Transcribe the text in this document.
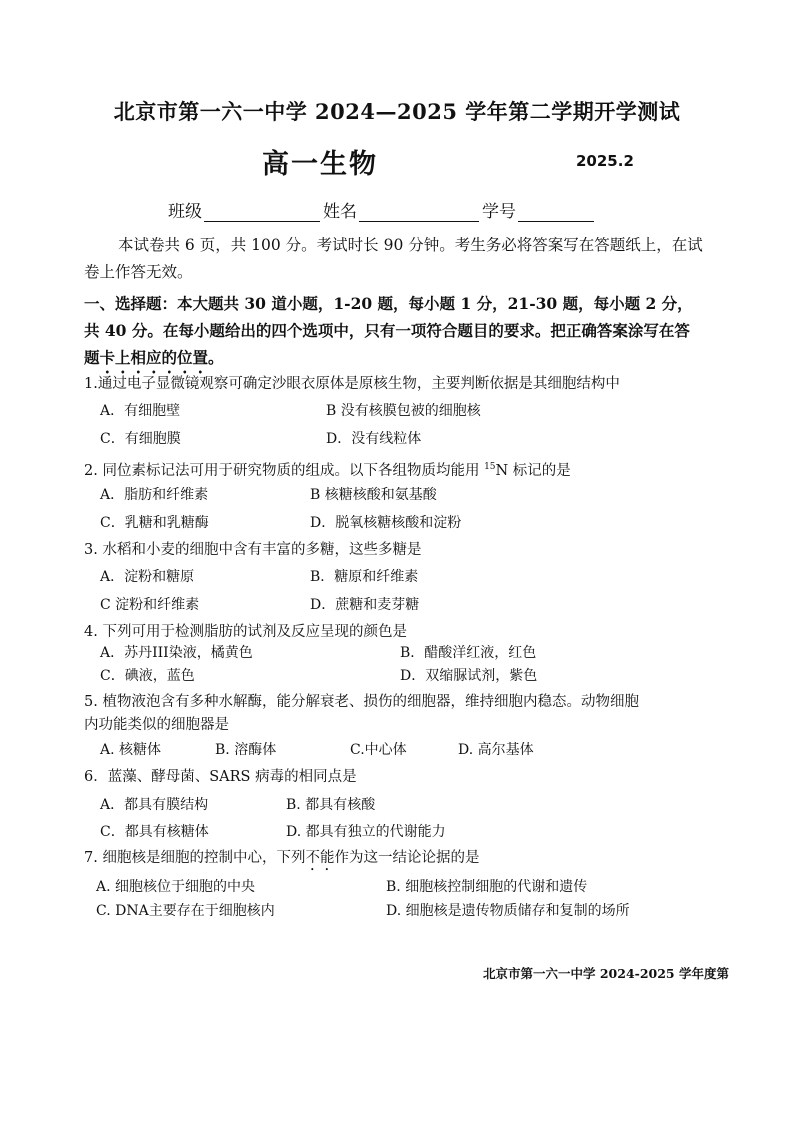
北京市第一六一中学 2024—2025 学年第二学期开学测试
高一生物	2025.2
班级	姓名	学号
本试卷共 6 页，共 100 分。考试时长 90 分钟。考生务必将答案写在答题纸上，在试卷上作答无效。
一、选择题：本大题共 30 道小题，1-20 题，每小题 1 分，21-30 题，每小题 2 分，共 40 分。在每小题给出的四个选项中，只有一项符合题目的要求。把正确答案涂写在答题卡上相应的位置。
1.通过电子显微镜观察可确定沙眼衣原体是原核生物，主要判断依据是其细胞结构中
A．有细胞壁	B 没有核膜包被的细胞核
C．有细胞膜	D．没有线粒体
2. 同位素标记法可用于研究物质的组成。以下各组物质均能用 $^{15}$N 标记的是
A．脂肪和纤维素	B 核糖核酸和氨基酸
C．乳糖和乳糖酶	D．脱氧核糖核酸和淀粉
3. 水稻和小麦的细胞中含有丰富的多糖，这些多糖是
A．淀粉和糖原	B．糖原和纤维素
C 淀粉和纤维素	D．蔗糖和麦芽糖
4. 下列可用于检测脂肪的试剂及反应呈现的颜色是
A．苏丹III染液，橘黄色	B．醋酸洋红液，红色
C．碘液，蓝色	D．双缩脲试剂，紫色
5. 植物液泡含有多种水解酶，能分解衰老、损伤的细胞器，维持细胞内稳态。动物细胞
内功能类似的细胞器是
A. 核糖体	B. 溶酶体	C.中心体	D. 高尔基体
6．蓝藻、酵母菌、SARS 病毒的相同点是
A．都具有膜结构	B. 都具有核酸
C．都具有核糖体	D. 都具有独立的代谢能力
7. 细胞核是细胞的控制中心，下列不能作为这一结论论据的是
A. 细胞核位于细胞的中央	B. 细胞核控制细胞的代谢和遗传
C. DNA主要存在于细胞核内	D. 细胞核是遗传物质储存和复制的场所
北京市第一六一中学 2024-2025 学年度第
